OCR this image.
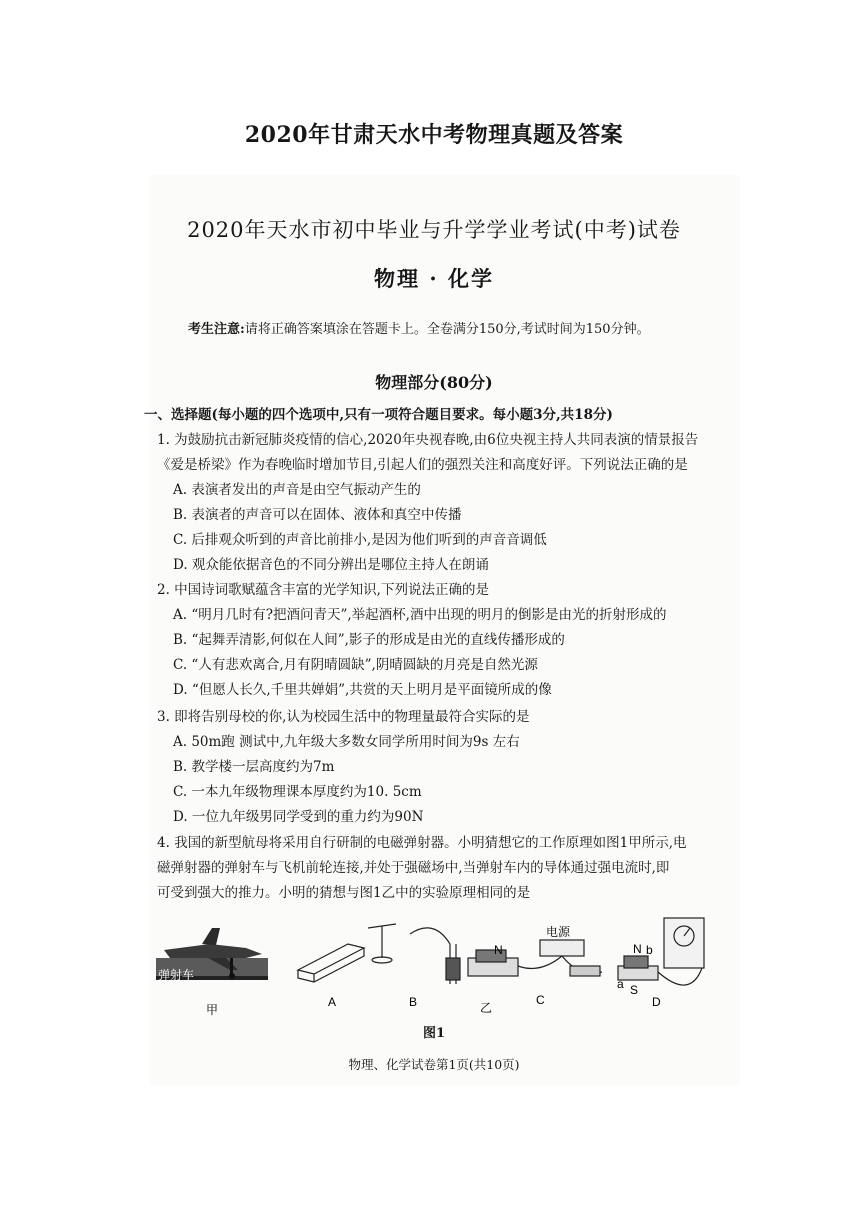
2020年甘肃天水中考物理真题及答案
2020年天水市初中毕业与升学学业考试(中考)试卷
物理 · 化学
考生注意:请将正确答案填涂在答题卡上。全卷满分150分,考试时间为150分钟。
物理部分(80分)
一、选择题(每小题的四个选项中,只有一项符合题目要求。每小题3分,共18分)
1. 为鼓励抗击新冠肺炎疫情的信心,2020年央视春晚,由6位央视主持人共同表演的情景报告
《爱是桥梁》作为春晚临时增加节目,引起人们的强烈关注和高度好评。下列说法正确的是
A. 表演者发出的声音是由空气振动产生的
B. 表演者的声音可以在固体、液体和真空中传播
C. 后排观众听到的声音比前排小,是因为他们听到的声音音调低
D. 观众能依据音色的不同分辨出是哪位主持人在朗诵
2. 中国诗词歌赋蕴含丰富的光学知识,下列说法正确的是
A. “明月几时有?把酒问青天”,举起酒杯,酒中出现的明月的倒影是由光的折射形成的
B. “起舞弄清影,何似在人间”,影子的形成是由光的直线传播形成的
C. “人有悲欢离合,月有阴晴圆缺”,阴晴圆缺的月亮是自然光源
D. “但愿人长久,千里共婵娟”,共赏的天上明月是平面镜所成的像
3. 即将告别母校的你,认为校园生活中的物理量最符合实际的是
A. 50m跑 测试中,九年级大多数女同学所用时间为9s 左右
B. 教学楼一层高度约为7m
C. 一本九年级物理课本厚度约为10. 5cm
D. 一位九年级男同学受到的重力约为90N
4. 我国的新型航母将采用自行研制的电磁弹射器。小明猜想它的工作原理如图1甲所示,电
磁弹射器的弹射车与飞机前轮连接,并处于强磁场中,当弹射车内的导体通过强电流时,即
可受到强大的推力。小明的猜想与图1乙中的实验原理相同的是
弹射车
甲
A	B
N
电源
乙
C
N b
a S
D
图1
物理、化学试卷第1页(共10页)
